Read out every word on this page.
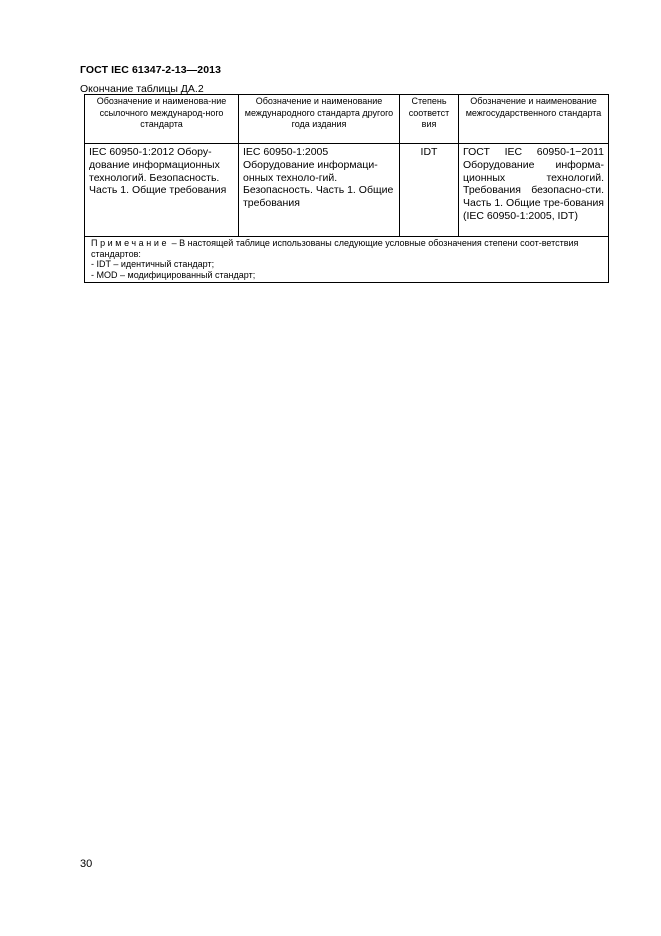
ГОСТ IEC 61347-2-13—2013
Окончание таблицы ДА.2
Обозначение и наименова-ние ссылочного международ-ного стандарта	Обозначение и наименование международного стандарта другого года издания	Степень соответст вия	Обозначение и наименование межгосударственного стандарта
IEC 60950-1:2012 Обору-дование информационных технологий. Безопасность. Часть 1. Общие требования	IEC 60950-1:2005 Оборудование информаци-онных техноло-гий. Безопасность. Часть 1. Общие требования	IDT	ГОСТ IEC 60950-1−2011 Оборудование информа-ционных технологий. Требования безопасно-сти. Часть 1. Общие тре-бования (IEC 60950-1:2005, IDT)

Примечание – В настоящей таблице использованы следующие условные обозначения степени соот-ветствия стандартов:
- IDT – идентичный стандарт;
- MOD – модифицированный стандарт;			
30
